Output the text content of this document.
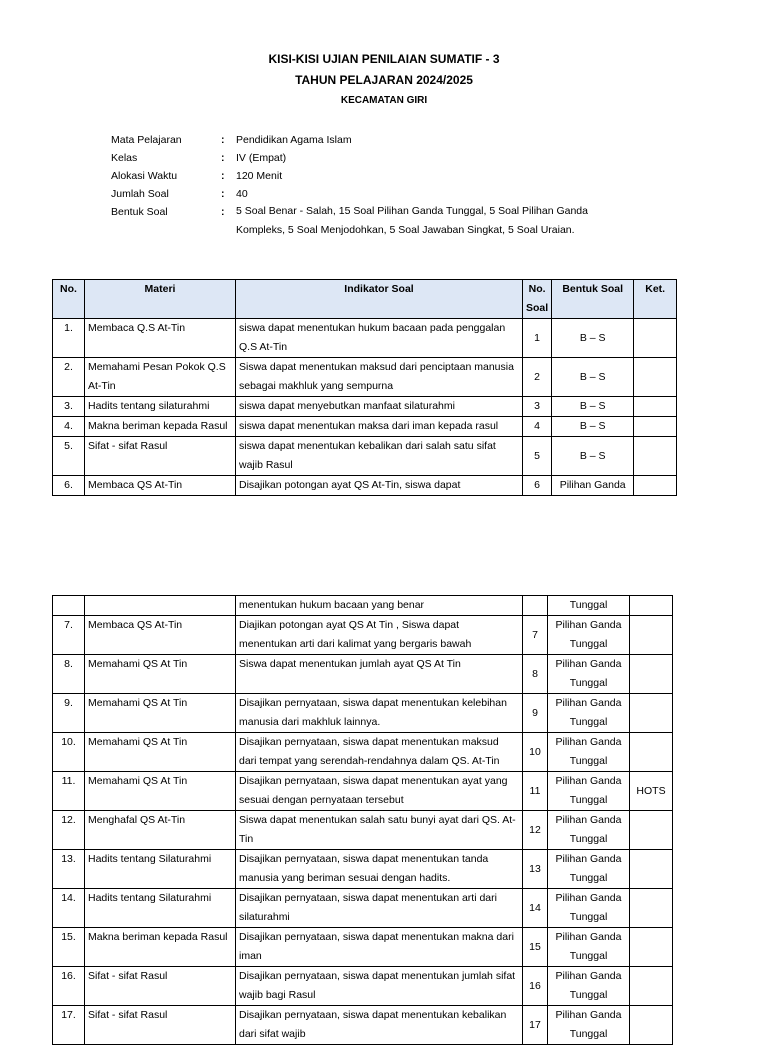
KISI-KISI UJIAN PENILAIAN SUMATIF - 3
TAHUN PELAJARAN 2024/2025
KECAMATAN GIRI
Mata Pelajaran	: Pendidikan Agama Islam
Kelas	: IV (Empat)
Alokasi Waktu	: 120 Menit
Jumlah Soal	: 40
Bentuk Soal	: 5 Soal Benar - Salah, 15 Soal Pilihan Ganda Tunggal, 5 Soal Pilihan Ganda Kompleks, 5 Soal Menjodohkan, 5 Soal Jawaban Singkat, 5 Soal Uraian.
No.	Materi	Indikator Soal	No. Soal	Bentuk Soal	Ket.
1.	Membaca Q.S At-Tin	siswa dapat menentukan hukum bacaan pada penggalan Q.S At-Tin	1	B – S	
2.	Memahami Pesan Pokok Q.S At-Tin	Siswa dapat menentukan maksud dari penciptaan manusia sebagai makhluk yang sempurna	2	B – S	
3.	Hadits tentang silaturahmi	siswa dapat menyebutkan manfaat silaturahmi	3	B – S	
4.	Makna beriman kepada Rasul	siswa dapat menentukan maksa dari iman kepada rasul	4	B – S	
5.	Sifat - sifat Rasul	siswa dapat menentukan kebalikan dari salah satu sifat wajib Rasul	5	B – S	
6.	Membaca QS At-Tin	Disajikan potongan ayat QS At-Tin, siswa dapat	6	Pilihan Ganda	
		menentukan hukum bacaan yang benar		Tunggal	
7.	Membaca QS At-Tin	Diajikan potongan ayat QS At Tin , Siswa dapat menentukan arti dari kalimat yang bergaris bawah	7	Pilihan Ganda Tunggal	
8.	Memahami QS At Tin	Siswa dapat menentukan jumlah ayat QS At Tin	8	Pilihan Ganda Tunggal	
9.	Memahami QS At Tin	Disajikan pernyataan, siswa dapat menentukan kelebihan manusia dari makhluk lainnya.	9	Pilihan Ganda Tunggal	
10.	Memahami QS At Tin	Disajikan pernyataan, siswa dapat menentukan maksud dari tempat yang serendah-rendahnya dalam QS. At-Tin	10	Pilihan Ganda Tunggal	
11.	Memahami QS At Tin	Disajikan pernyataan, siswa dapat menentukan ayat yang sesuai dengan pernyataan tersebut	11	Pilihan Ganda Tunggal	HOTS
12.	Menghafal QS At-Tin	Siswa dapat menentukan salah satu bunyi ayat dari QS. At-Tin	12	Pilihan Ganda Tunggal	
13.	Hadits tentang Silaturahmi	Disajikan pernyataan, siswa dapat menentukan tanda manusia yang beriman sesuai dengan hadits.	13	Pilihan Ganda Tunggal	
14.	Hadits tentang Silaturahmi	Disajikan pernyataan, siswa dapat menentukan arti dari silaturahmi	14	Pilihan Ganda Tunggal	
15.	Makna beriman kepada Rasul	Disajikan pernyataan, siswa dapat menentukan makna dari iman	15	Pilihan Ganda Tunggal	
16.	Sifat - sifat Rasul	Disajikan pernyataan, siswa dapat menentukan jumlah sifat wajib bagi Rasul	16	Pilihan Ganda Tunggal	
17.	Sifat - sifat Rasul	Disajikan pernyataan, siswa dapat menentukan kebalikan dari sifat wajib	17	Pilihan Ganda Tunggal	
